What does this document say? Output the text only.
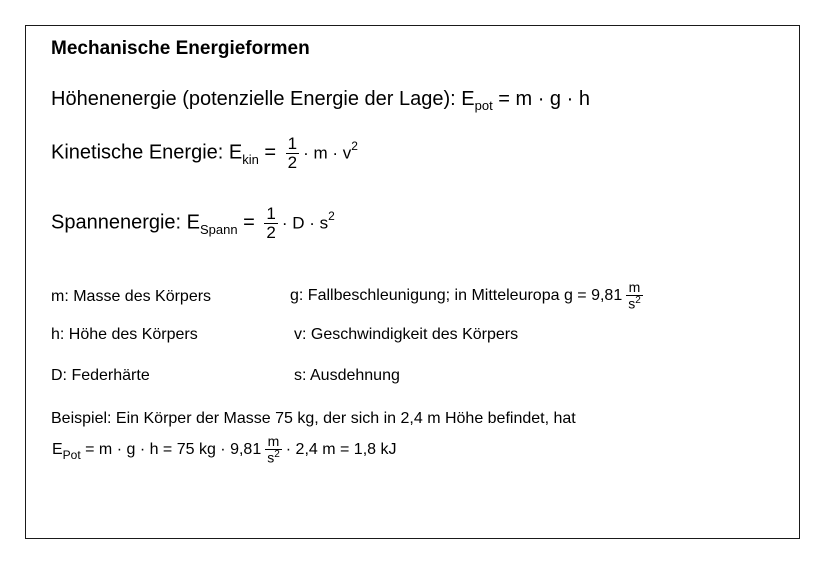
Mechanische Energieformen
Höhenenergie (potenzielle Energie der Lage): $E_{pot} = m \cdot g \cdot h$
Kinetische Energie: $E_{kin} = \frac{1}{2} \cdot m \cdot v^2$
Spannenergie: $E_{Spann} = \frac{1}{2} \cdot D \cdot s^2$
m: Masse des Körpers	g: Fallbeschleunigung; in Mitteleuropa $g = 9,81 \frac{m}{s^2}$
h: Höhe des Körpers	v: Geschwindigkeit des Körpers
D: Federhärte	s: Ausdehnung
Beispiel: Ein Körper der Masse 75 kg, der sich in 2,4 m Höhe befindet, hat
$E_{Pot} = m \cdot g \cdot h = 75$ kg · $9,81 \frac{m}{s^2} \cdot 2,4$ m = 1,8 kJ
